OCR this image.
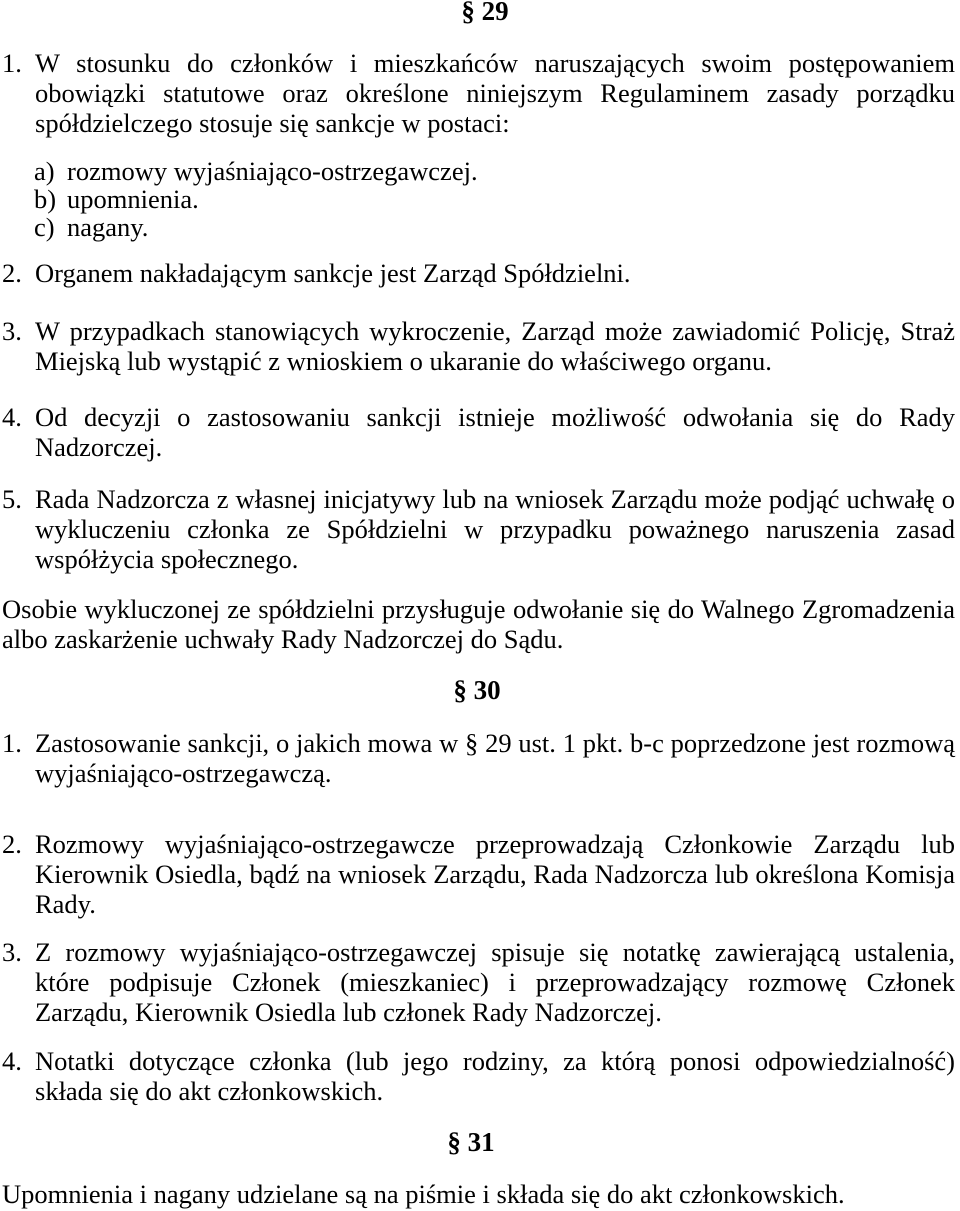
§ 29
1. W stosunku do członków i mieszkańców naruszających swoim postępowaniem obowiązki statutowe oraz określone niniejszym Regulaminem zasady porządku spółdzielczego stosuje się sankcje w postaci:
a) rozmowy wyjaśniająco-ostrzegawczej.
b) upomnienia.
c) nagany.
2. Organem nakładającym sankcje jest Zarząd Spółdzielni.
3. W przypadkach stanowiących wykroczenie, Zarząd może zawiadomić Policję, Straż Miejską lub wystąpić z wnioskiem o ukaranie do właściwego organu.
4. Od decyzji o zastosowaniu sankcji istnieje możliwość odwołania się do Rady Nadzorczej.
5. Rada Nadzorcza z własnej inicjatywy lub na wniosek Zarządu może podjąć uchwałę o wykluczeniu członka ze Spółdzielni w przypadku poważnego naruszenia zasad współżycia społecznego.
Osobie wykluczonej ze spółdzielni przysługuje odwołanie się do Walnego Zgromadzenia albo zaskarżenie uchwały Rady Nadzorczej do Sądu.
§ 30
1. Zastosowanie sankcji, o jakich mowa w § 29 ust. 1 pkt. b-c poprzedzone jest rozmową wyjaśniająco-ostrzegawczą.
2. Rozmowy wyjaśniająco-ostrzegawcze przeprowadzają Członkowie Zarządu lub Kierownik Osiedla, bądź na wniosek Zarządu, Rada Nadzorcza lub określona Komisja Rady.
3. Z rozmowy wyjaśniająco-ostrzegawczej spisuje się notatkę zawierającą ustalenia, które podpisuje Członek (mieszkaniec) i przeprowadzający rozmowę Członek Zarządu, Kierownik Osiedla lub członek Rady Nadzorczej.
4. Notatki dotyczące członka (lub jego rodziny, za którą ponosi odpowiedzialność) składa się do akt członkowskich.
§ 31
Upomnienia i nagany udzielane są na piśmie i składa się do akt członkowskich.
